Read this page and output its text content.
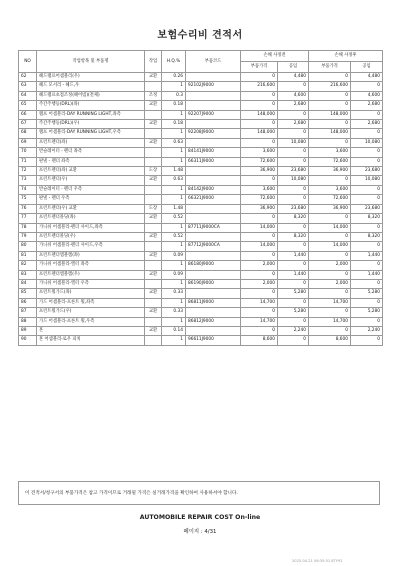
보험수리비 견적서
NO	작업항목 및 부품명	작업	H.Q.%	부품코드	손해 사정전		손해 사정후	
					부품가격	공임	부품가격	공임
62	헤드램프어셈블리(우)	교환	0.26		0	4,480	0	4,480
63	헤드 모서리 - 헤드,우		1	92102J9000	216,600	0	216,600	0
64	헤드램프초점조정(헤어빔)(전체)	조정	0.3		0	4,600	0	4,600
65	주간주행등(DRL)(좌)	교환	0.18		0	2,680	0	2,680
66	램프 어셈블리-DAY RUNNING LIGHT,좌측		1	92207J9000	148,000	0	148,000	0
67	주간주행등(DRL)(우)	교환	0.18		0	2,680	0	2,680
68	램프 어셈블리-DAY RUNNING LIGHT,우측		1	92208J9000	148,000	0	148,000	0
69	프런트펜더(좌)	교환	0.63		0	10,080	0	10,080
70	반슬레이터 - 펜더 좌측		1	84141J9000	3,600	0	3,600	0
71	판넬 - 펜더 좌측		1	66311J9000	72,600	0	72,600	0
72	프런트펜더(좌) 교환	도장	1.48		36,900	23,680	36,900	23,680
73	프런트펜더(우)	교환	0.63		0	10,080	0	10,080
74	반슬레이터 - 펜더 우측		1	84142J9000	3,600	0	3,600	0
75	판넬 - 펜더 우측		1	66321J9000	72,600	0	72,600	0
76	프런트펜더(우) 교환	도장	1.48		36,900	23,680	36,900	23,680
77	프런트펜더몰딩(좌)	교환	0.52		0	8,320	0	8,320
78	가니쉬 어셈블리-펜더 사이드,좌측		1	87711J9000CA	14,000	0	14,000	0
79	프런트펜더몰딩(우)	교환	0.52		0	8,320	0	8,320
80	가니쉬 어셈블리-펜더 사이드,우측		1	87712J9000CA	14,000	0	14,000	0
81	프런트펜더엠블렘(좌)	교환	0.09		0	1,440	0	1,440
82	가니쉬 어셈블리-엘터 좌측		1	86180J9000	2,000	0	2,000	0
83	프런트펜더엠블렘(우)	교환	0.09		0	1,440	0	1,440
84	가니쉬 어셈블리-엘터 우측		1	86190J9000	2,000	0	2,000	0
85	프런트휠가드(좌)	교환	0.33		0	5,280	0	5,280
86	가드 어셈블리-프론트 휠,좌측		1	86811J9000	14,700	0	14,700	0
87	프런트휠가드(우)	교환	0.33		0	5,280	0	5,280
88	가드 어셈블리-프론트 휠,우측		1	86812J9000	14,700	0	14,700	0
89	혼	교환	0.14		0	2,240	0	2,240
90	혼 어셈블리-로우 피치		1	96611J9000	8,600	0	8,600	0
이 견적서/청구서의 부품가격은 참고 가격이므로 거래될 가격은 실거래가격을 확인하여 사용하셔야 합니다.
AUTOMOBILE REPAIR COST On-line
페이지 : 4/31
2025-04-21 06:35:51 8TY92
